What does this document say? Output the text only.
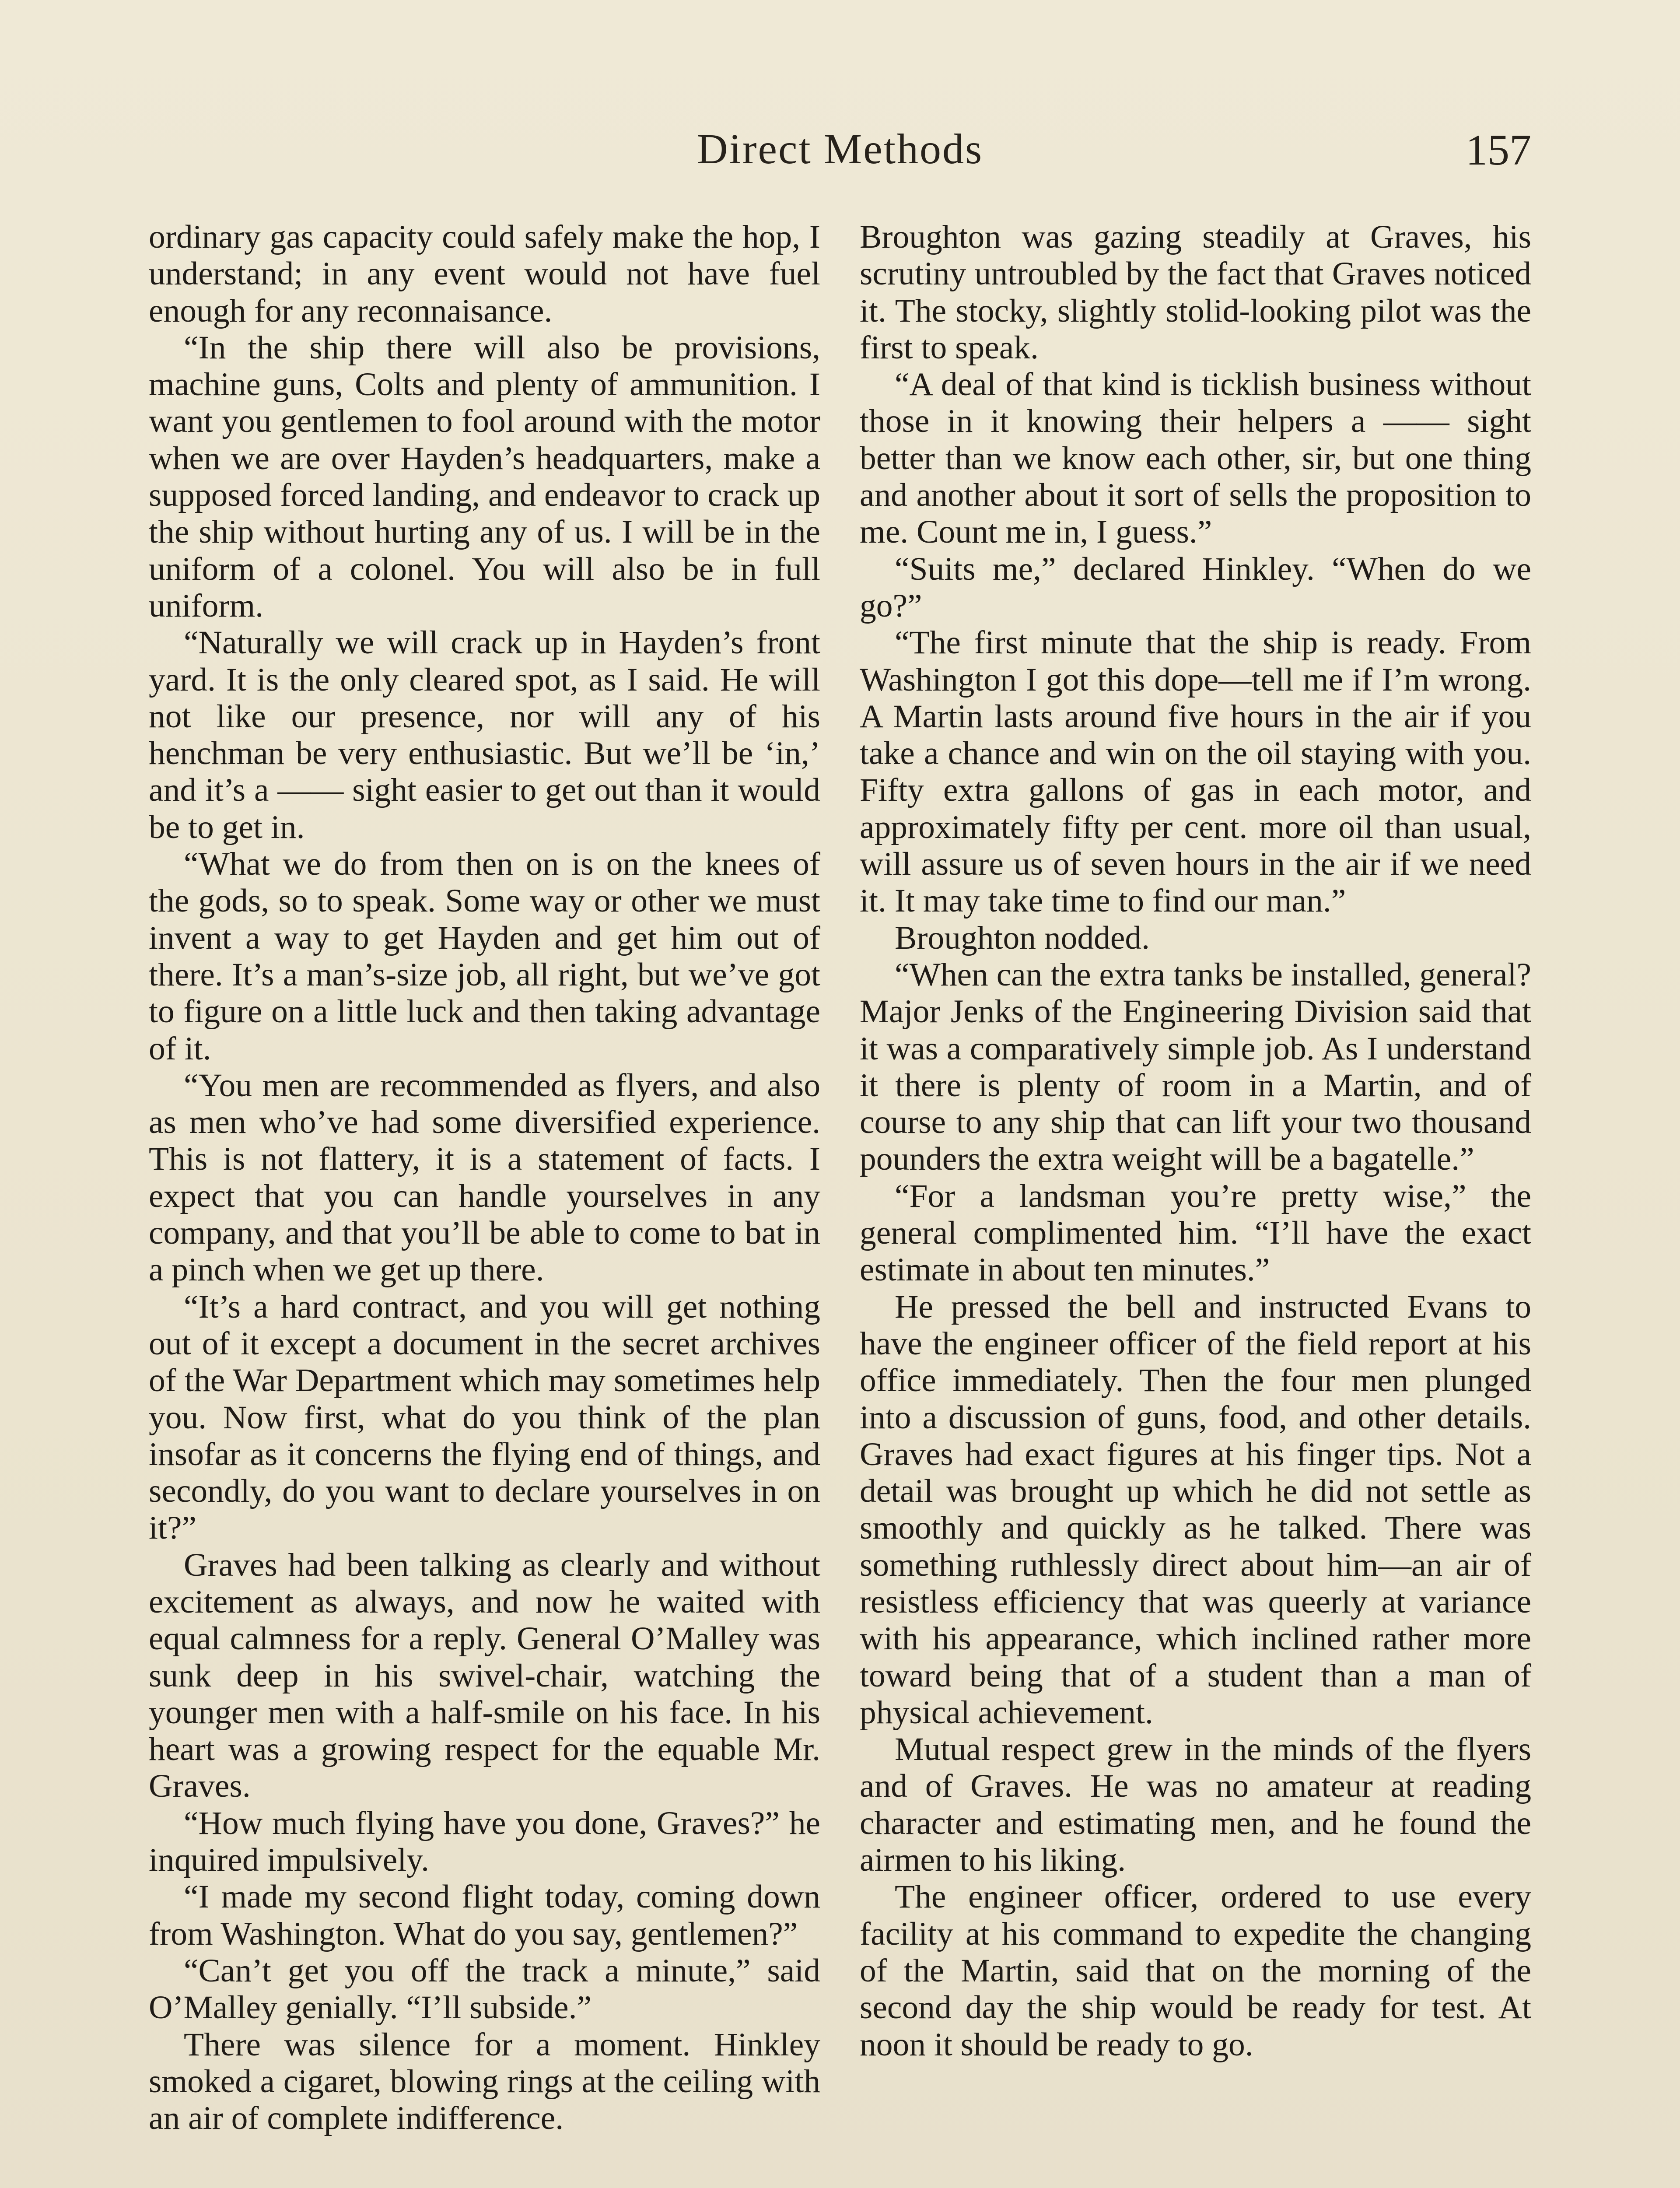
Direct Methods	157

ordinary gas capacity could safely make the hop, I understand; in any event would not have fuel enough for any reconnaisance.

“In the ship there will also be provisions, machine guns, Colts and plenty of ammunition. I want you gentlemen to fool around with the motor when we are over Hayden’s headquarters, make a supposed forced landing, and endeavor to crack up the ship without hurting any of us. I will be in the uniform of a colonel. You will also be in full uniform.

“Naturally we will crack up in Hayden’s front yard. It is the only cleared spot, as I said. He will not like our presence, nor will any of his henchman be very enthusiastic. But we’ll be ‘in,’ and it’s a —— sight easier to get out than it would be to get in.

“What we do from then on is on the knees of the gods, so to speak. Some way or other we must invent a way to get Hayden and get him out of there. It’s a man’s-size job, all right, but we’ve got to figure on a little luck and then taking advantage of it.

“You men are recommended as flyers, and also as men who’ve had some diversified experience. This is not flattery, it is a statement of facts. I expect that you can handle yourselves in any company, and that you’ll be able to come to bat in a pinch when we get up there.

“It’s a hard contract, and you will get nothing out of it except a document in the secret archives of the War Department which may sometimes help you. Now first, what do you think of the plan insofar as it concerns the flying end of things, and secondly, do you want to declare yourselves in on it?”

Graves had been talking as clearly and without excitement as always, and now he waited with equal calmness for a reply. General O’Malley was sunk deep in his swivel-chair, watching the younger men with a half-smile on his face. In his heart was a growing respect for the equable Mr. Graves.

“How much flying have you done, Graves?” he inquired impulsively.

“I made my second flight today, coming down from Washington. What do you say, gentlemen?”

“Can’t get you off the track a minute,” said O’Malley genially. “I’ll subside.”

There was silence for a moment. Hinkley smoked a cigaret, blowing rings at the ceiling with an air of complete indifference.

Broughton was gazing steadily at Graves, his scrutiny untroubled by the fact that Graves noticed it. The stocky, slightly stolid-looking pilot was the first to speak.

“A deal of that kind is ticklish business without those in it knowing their helpers a —— sight better than we know each other, sir, but one thing and another about it sort of sells the proposition to me. Count me in, I guess.”

“Suits me,” declared Hinkley. “When do we go?”

“The first minute that the ship is ready. From Washington I got this dope—tell me if I’m wrong. A Martin lasts around five hours in the air if you take a chance and win on the oil staying with you. Fifty extra gallons of gas in each motor, and approximately fifty per cent. more oil than usual, will assure us of seven hours in the air if we need it. It may take time to find our man.”

Broughton nodded.

“When can the extra tanks be installed, general? Major Jenks of the Engineering Division said that it was a comparatively simple job. As I understand it there is plenty of room in a Martin, and of course to any ship that can lift your two thousand pounders the extra weight will be a bagatelle.”

“For a landsman you’re pretty wise,” the general complimented him. “I’ll have the exact estimate in about ten minutes.”

He pressed the bell and instructed Evans to have the engineer officer of the field report at his office immediately. Then the four men plunged into a discussion of guns, food, and other details. Graves had exact figures at his finger tips. Not a detail was brought up which he did not settle as smoothly and quickly as he talked. There was something ruthlessly direct about him—an air of resistless efficiency that was queerly at variance with his appearance, which inclined rather more toward being that of a student than a man of physical achievement.

Mutual respect grew in the minds of the flyers and of Graves. He was no amateur at reading character and estimating men, and he found the airmen to his liking.

The engineer officer, ordered to use every facility at his command to expedite the changing of the Martin, said that on the morning of the second day the ship would be ready for test. At noon it should be ready to go.
